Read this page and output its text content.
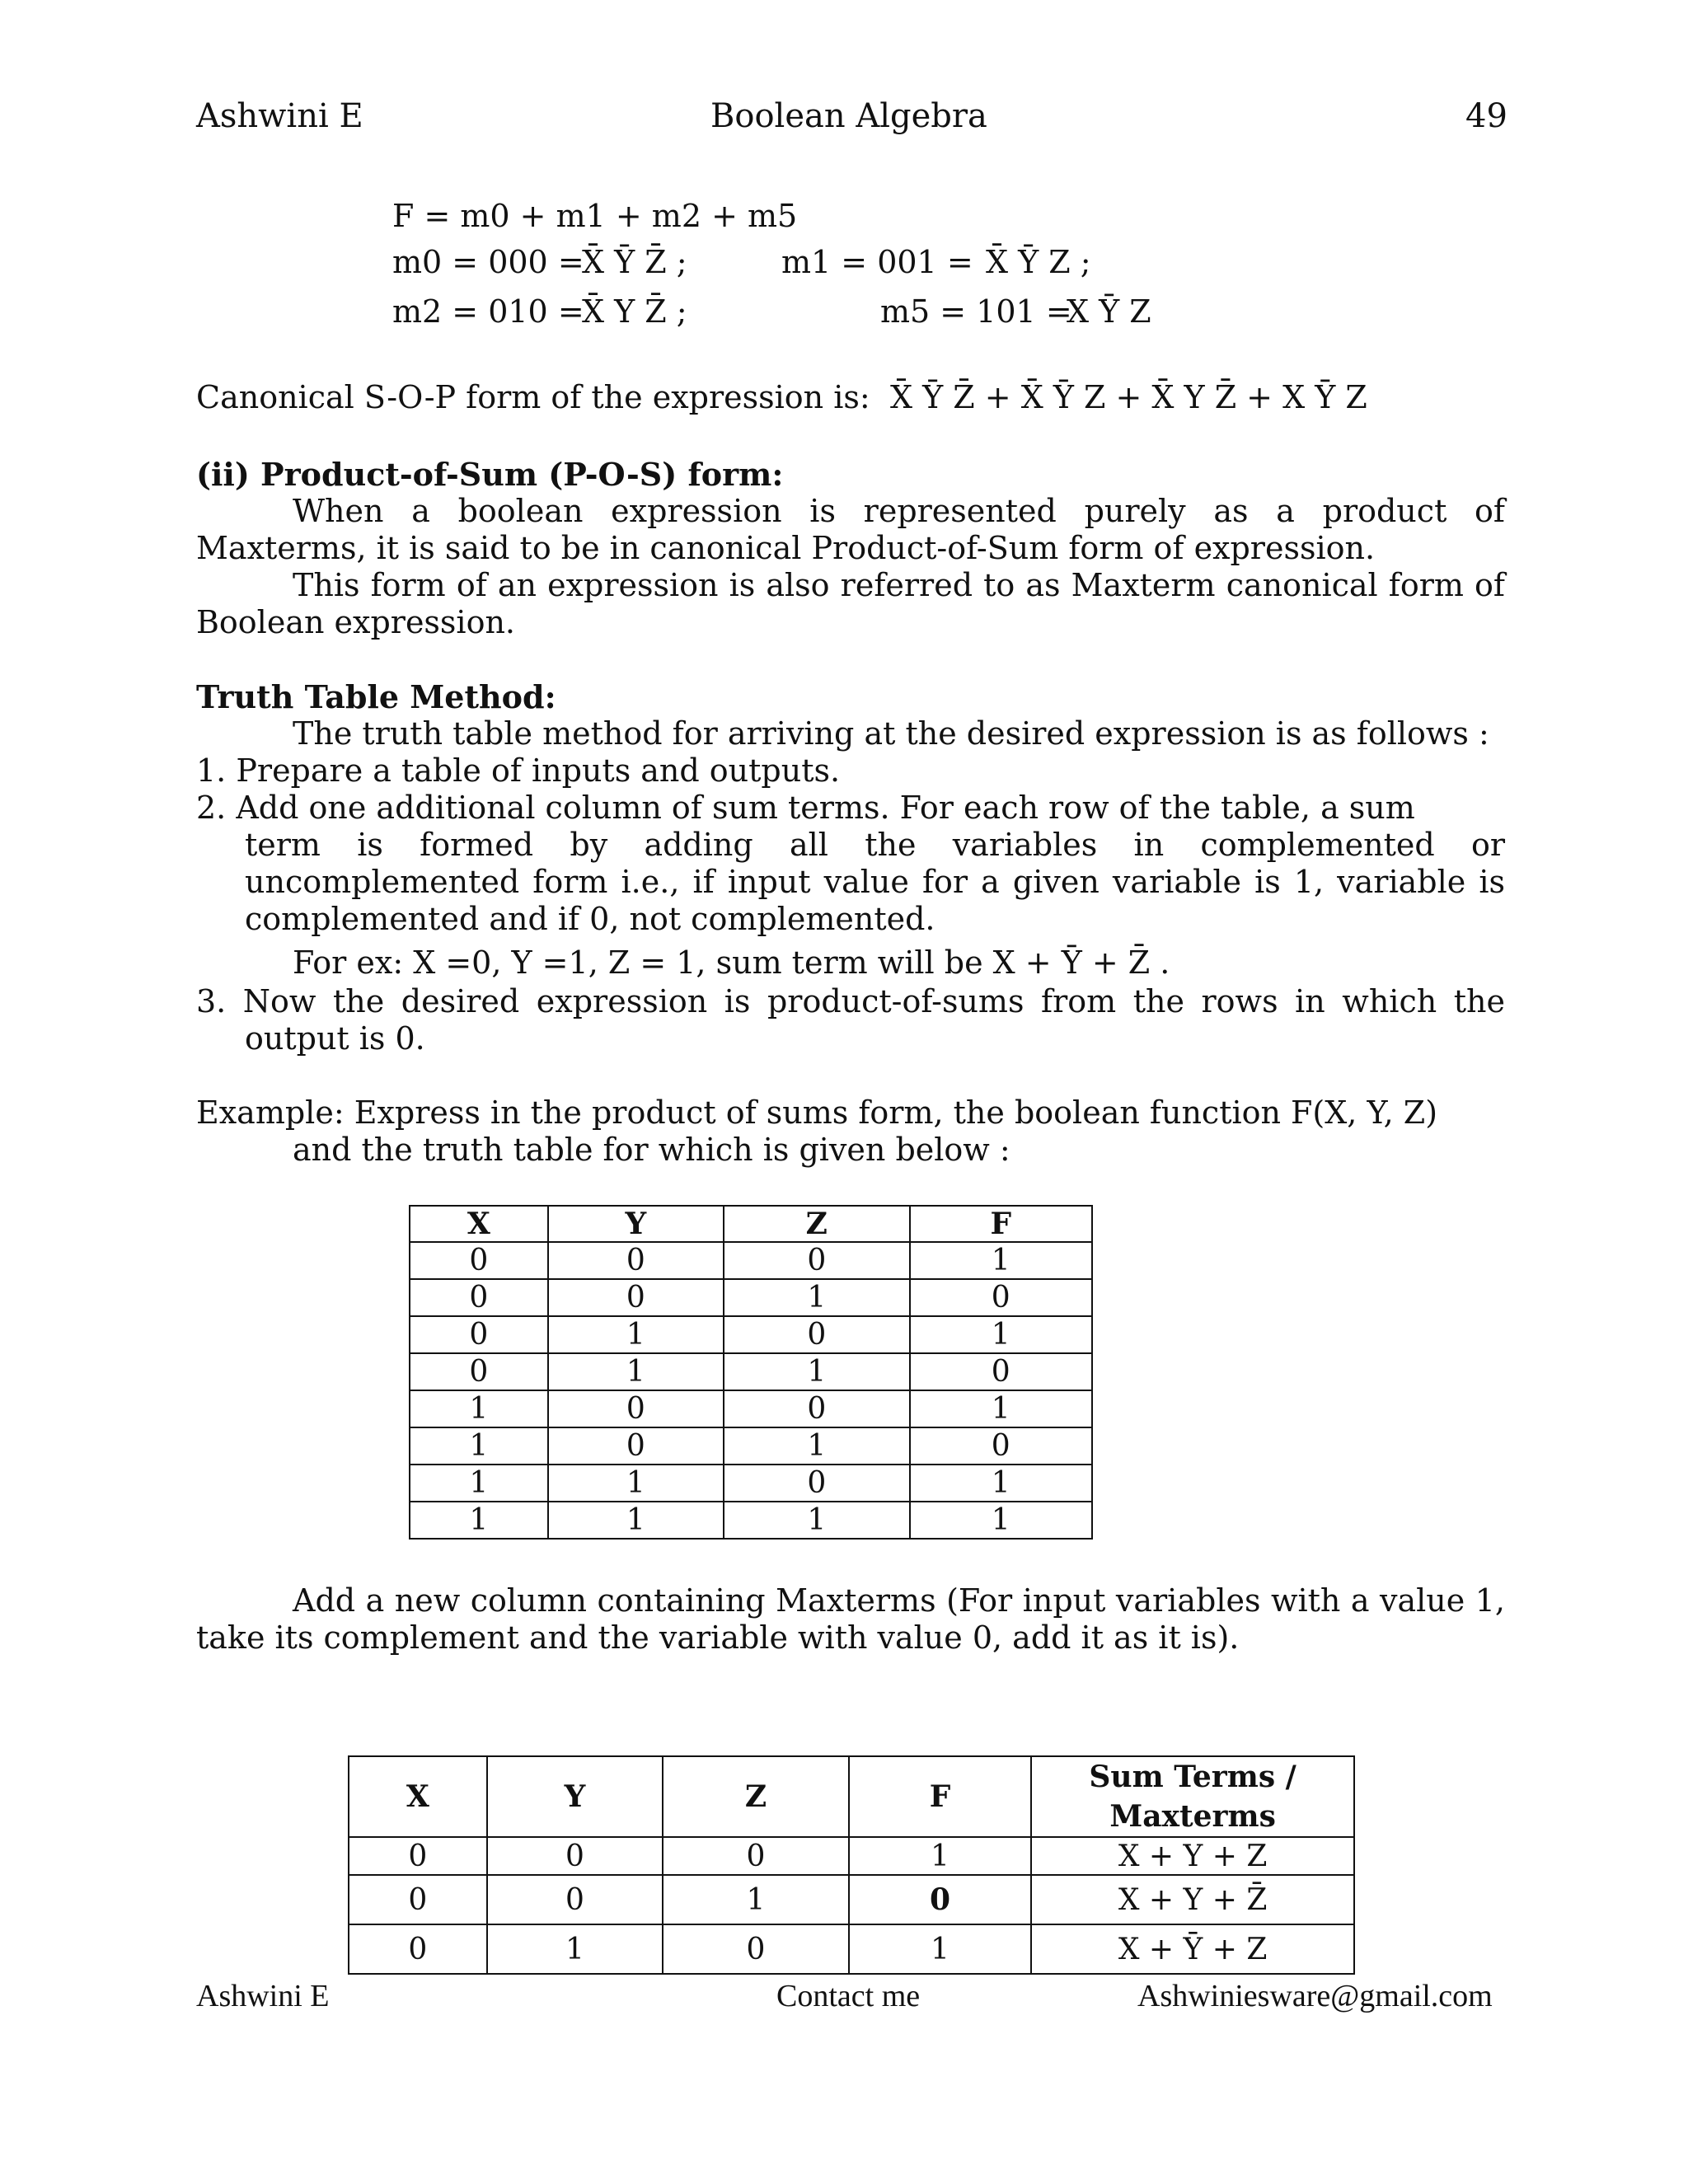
Ashwini E	Boolean Algebra	49
F = m0 + m1 + m2 + m5
m0 = 000 =
X̄ Ȳ Z̄ ;	m1 = 001 = X̄ Ȳ Z ;
m2 = 010 =
X̄ Y Z̄ ;	m5 = 101 =
X Ȳ Z
Canonical S-O-P form of the expression is: X̄ Ȳ Z̄ + X̄ Ȳ Z + X̄ Y Z̄ + X Ȳ Z
(ii) Product-of-Sum (P-O-S) form:
When a boolean expression is represented purely as a product of Maxterms, it is said to be in canonical Product-of-Sum form of expression.
This form of an expression is also referred to as Maxterm canonical form of Boolean expression.
Truth Table Method:
The truth table method for arriving at the desired expression is as follows :
1. Prepare a table of inputs and outputs.
2. Add one additional column of sum terms. For each row of the table, a sum
term is formed by adding all the variables in complemented or uncomplemented form i.e., if input value for a given variable is 1, variable is complemented and if 0, not complemented.
For ex: X =0, Y =1, Z = 1, sum term will be X + Ȳ + Z̄ .
3. Now the desired expression is product-of-sums from the rows in which the output is 0.
Example: Express in the product of sums form, the boolean function F(X, Y, Z)
and the truth table for which is given below :
X	Y	Z	F
0	0	0	1
0	0	1	0
0	1	0	1
0	1	1	0
1	0	0	1
1	0	1	0
1	1	0	1
1	1	1	1
Add a new column containing Maxterms (For input variables with a value 1, take its complement and the variable with value 0, add it as it is).
X	Y	Z	F	Sum Terms / Maxterms
0	0	0	1	X + Y + Z
0	0	1	0	X + Y + Z̄
0	1	0	1	X + Ȳ + Z
Ashwini E	Contact me	Ashwiniesware@gmail.com
